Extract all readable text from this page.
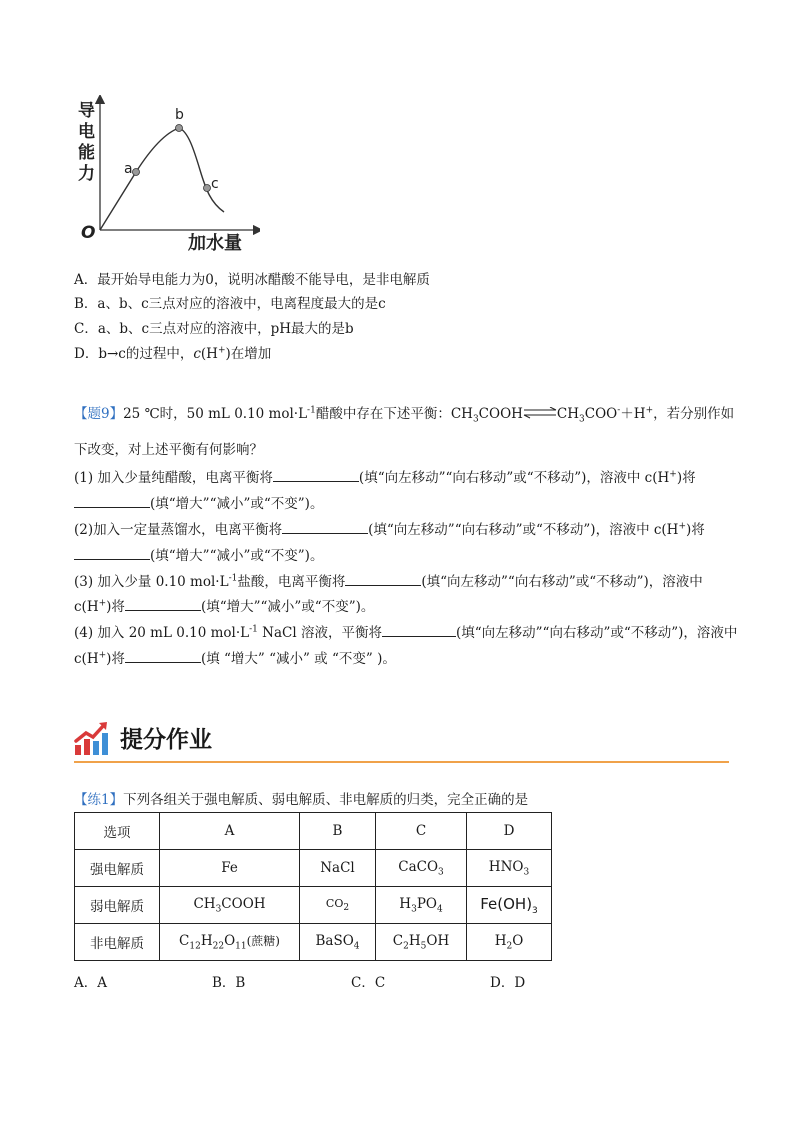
导电能力
加水量
O
a
b
c
A．最开始导电能力为0，说明冰醋酸不能导电，是非电解质
B．a、b、c三点对应的溶液中，电离程度最大的是c
C．a、b、c三点对应的溶液中，pH最大的是b
D．b→c的过程中，c(H+)在增加
【题9】25 ℃时，50 mL 0.10 $mol\cdot L^{-1}$醋酸中存在下述平衡：$CH_3COOH\rightleftharpoons CH_3COO^-+H^+$，若分别作如
下改变，对上述平衡有何影响？
(1) 加入少量纯醋酸，电离平衡将	(填“向左移动”“向右移动”或“不移动”)，溶液中 c(H+)将
(填“增大”“减小”或“不变”)。
(2)加入一定量蒸馏水，电离平衡将	(填“向左移动”“向右移动”或“不移动”)，溶液中 c(H+)将
(填“增大”“减小”或“不变”)。
(3) 加入少量 0.10 $mol\cdot L^{-1}$盐酸，电离平衡将	(填“向左移动”“向右移动”或“不移动”)，溶液中
c(H+)将	(填“增大”“减小”或“不变”)。
(4) 加入 20 mL 0.10 $mol\cdot L^{-1}$ NaCl 溶液，平衡将	(填“向左移动”“向右移动”或“不移动”)，溶液中
c(H+)将	(填 “增大” “减小” 或 “不变” )。
提分作业
【练1】下列各组关于强电解质、弱电解质、非电解质的归类，完全正确的是
选项	A	B	C	D
强电解质	Fe	NaCl	CaCO$_3$	$HNO_3$
弱电解质	$CH_3COOH$	$CO_2$	$H_3PO_4$	$Fe(OH)_3$
非电解质	$C_{12}H_{22}O_{11}$(蔗糖)	BaSO$_4$	$C_2H_5OH$	$H_2O$
A．A	B．B	C．C	D．D
